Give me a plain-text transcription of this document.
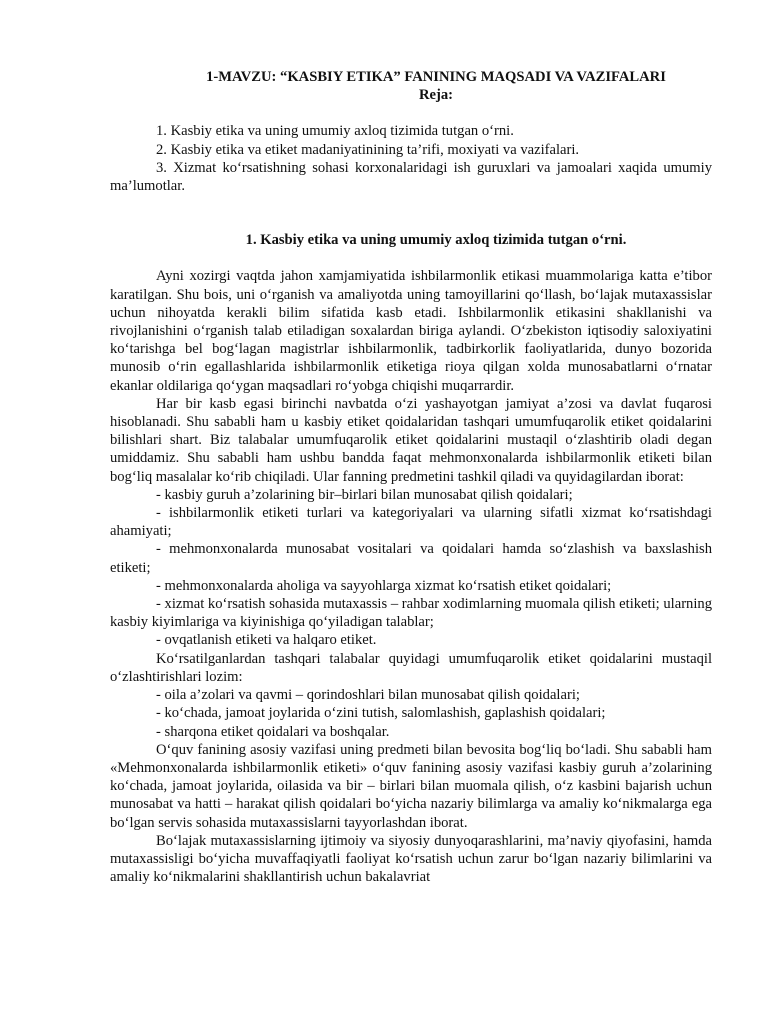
1-MAVZU: “KASBIY ETIKA” FANINING MAQSADI VA VAZIFALARI

Reja:

1. Kasbiy etika va uning umumiy axloq tizimida tutgan o‘rni.

2. Kasbiy etika va etiket madaniyatinining ta’rifi, moxiyati va vazifalari.

3. Xizmat ko‘rsatishning sohasi korxonalaridagi ish guruxlari va jamoalari xaqida umumiy ma’lumotlar.

1. Kasbiy etika va uning umumiy axloq tizimida tutgan o‘rni.

Ayni xozirgi vaqtda jahon xamjamiyatida ishbilarmonlik etikasi muammolariga katta e’tibor karatilgan. Shu bois, uni o‘rganish va amaliyotda uning tamoyillarini qo‘llash, bo‘lajak mutaxassislar uchun nihoyatda kerakli bilim sifatida kasb etadi. Ishbilarmonlik etikasini shakllanishi va rivojlanishini o‘rganish talab etiladigan soxalardan biriga aylandi. O‘zbekiston iqtisodiy saloxiyatini ko‘tarishga bel bog‘lagan magistrlar ishbilarmonlik, tadbirkorlik faoliyatlarida, dunyo bozorida munosib o‘rin egallashlarida ishbilarmonlik etiketiga rioya qilgan xolda munosabatlarni o‘rnatar ekanlar oldilariga qo‘ygan maqsadlari ro‘yobga chiqishi muqarrardir.

Har bir kasb egasi birinchi navbatda o‘zi yashayotgan jamiyat a’zosi va davlat fuqarosi hisoblanadi. Shu sababli ham u kasbiy etiket qoidalaridan tashqari umumfuqarolik etiket qoidalarini bilishlari shart. Biz talabalar umumfuqarolik etiket qoidalarini mustaqil o‘zlashtirib oladi degan umiddamiz. Shu sababli ham ushbu bandda faqat mehmonxonalarda ishbilarmonlik etiketi bilan bog‘liq masalalar ko‘rib chiqiladi. Ular fanning predmetini tashkil qiladi va quyidagilardan iborat:

- kasbiy guruh a’zolarining bir–birlari bilan munosabat qilish qoidalari;

- ishbilarmonlik etiketi turlari va kategoriyalari va ularning sifatli xizmat ko‘rsatishdagi ahamiyati;

- mehmonxonalarda munosabat vositalari va qoidalari hamda so‘zlashish va baxslashish etiketi;

- mehmonxonalarda aholiga va sayyohlarga xizmat ko‘rsatish etiket qoidalari;

- xizmat ko‘rsatish sohasida mutaxassis – rahbar xodimlarning muomala qilish etiketi; ularning kasbiy kiyimlariga va kiyinishiga qo‘yiladigan talablar;

- ovqatlanish etiketi va halqaro etiket.

Ko‘rsatilganlardan tashqari talabalar quyidagi umumfuqarolik etiket qoidalarini mustaqil o‘zlashtirishlari lozim:

- oila a’zolari va qavmi – qorindoshlari bilan munosabat qilish qoidalari;

- ko‘chada, jamoat joylarida o‘zini tutish, salomlashish, gaplashish qoidalari;

- sharqona etiket qoidalari va boshqalar.

O‘quv fanining asosiy vazifasi uning predmeti bilan bevosita bog‘liq bo‘ladi. Shu sababli ham «Mehmonxonalarda ishbilarmonlik etiketi» o‘quv fanining asosiy vazifasi kasbiy guruh a’zolarining ko‘chada, jamoat joylarida, oilasida va bir – birlari bilan muomala qilish, o‘z kasbini bajarish uchun munosabat va hatti – harakat qilish qoidalari bo‘yicha nazariy bilimlarga va amaliy ko‘nikmalarga ega bo‘lgan servis sohasida mutaxassislarni tayyorlashdan iborat.

Bo‘lajak mutaxassislarning ijtimoiy va siyosiy dunyoqarashlarini, ma’naviy qiyofasini, hamda mutaxassisligi bo‘yicha muvaffaqiyatli faoliyat ko‘rsatish uchun zarur bo‘lgan nazariy bilimlarini va amaliy ko‘nikmalarini shakllantirish uchun bakalavriat
